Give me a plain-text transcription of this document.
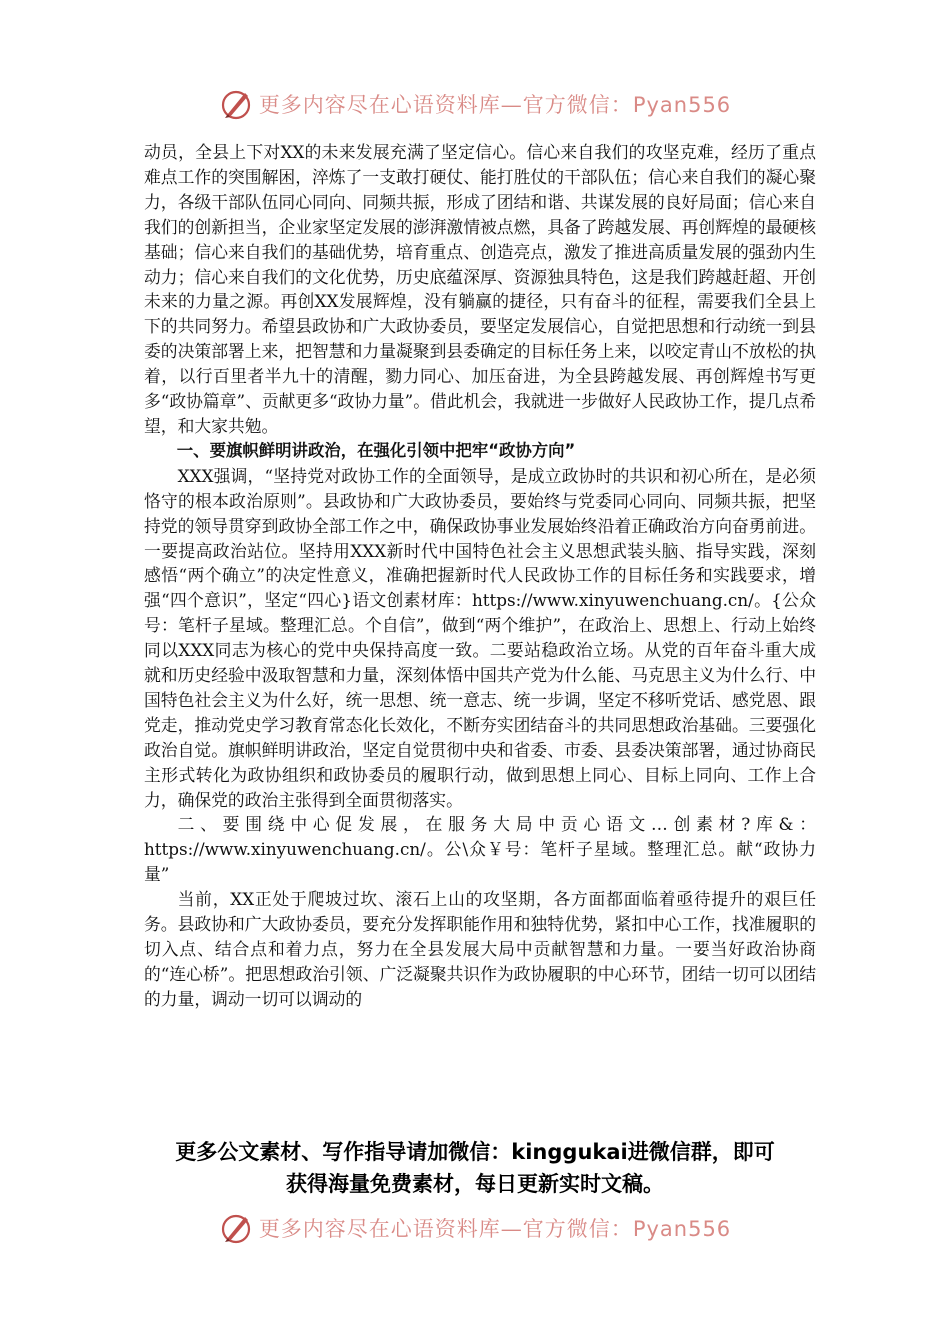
更多内容尽在心语资料库—官方微信：Pyan556

动员，全县上下对XX的未来发展充满了坚定信心。信心来自我们的攻坚克难，经历了重点难点工作的突围解困，淬炼了一支敢打硬仗、能打胜仗的干部队伍；信心来自我们的凝心聚力，各级干部队伍同心同向、同频共振，形成了团结和谐、共谋发展的良好局面；信心来自我们的创新担当，企业家坚定发展的澎湃激情被点燃，具备了跨越发展、再创辉煌的最硬核基础；信心来自我们的基础优势，培育重点、创造亮点，激发了推进高质量发展的强劲内生动力；信心来自我们的文化优势，历史底蕴深厚、资源独具特色，这是我们跨越赶超、开创未来的力量之源。再创XX发展辉煌，没有躺赢的捷径，只有奋斗的征程，需要我们全县上下的共同努力。希望县政协和广大政协委员，要坚定发展信心，自觉把思想和行动统一到县委的决策部署上来，把智慧和力量凝聚到县委确定的目标任务上来，以咬定青山不放松的执着，以行百里者半九十的清醒，勠力同心、加压奋进，为全县跨越发展、再创辉煌书写更多“政协篇章”、贡献更多“政协力量”。借此机会，我就进一步做好人民政协工作，提几点希望，和大家共勉。

一、要旗帜鲜明讲政治，在强化引领中把牢“政协方向”

XXX强调，“坚持党对政协工作的全面领导，是成立政协时的共识和初心所在，是必须恪守的根本政治原则”。县政协和广大政协委员，要始终与党委同心同向、同频共振，把坚持党的领导贯穿到政协全部工作之中，确保政协事业发展始终沿着正确政治方向奋勇前进。一要提高政治站位。坚持用XXX新时代中国特色社会主义思想武装头脑、指导实践，深刻感悟“两个确立”的决定性意义，准确把握新时代人民政协工作的目标任务和实践要求，增强“四个意识”，坚定“四心}语文创素材库：https://www.xinyuwenchuang.cn/。{公众号：笔杆子星域。整理汇总。个自信”，做到“两个维护”，在政治上、思想上、行动上始终同以XXX同志为核心的党中央保持高度一致。二要站稳政治立场。从党的百年奋斗重大成就和历史经验中汲取智慧和力量，深刻体悟中国共产党为什么能、马克思主义为什么行、中国特色社会主义为什么好，统一思想、统一意志、统一步调，坚定不移听党话、感党恩、跟党走，推动党史学习教育常态化长效化，不断夯实团结奋斗的共同思想政治基础。三要强化政治自觉。旗帜鲜明讲政治，坚定自觉贯彻中央和省委、市委、县委决策部署，通过协商民主形式转化为政协组织和政协委员的履职行动，做到思想上同心、目标上同向、工作上合力，确保党的政治主张得到全面贯彻落实。

二、要围绕中心促发展，在服务大局中贡心语文…创素材?库&：https://www.xinyuwenchuang.cn/。公\众￥号：笔杆子星域。整理汇总。献“政协力量”

当前，XX正处于爬坡过坎、滚石上山的攻坚期，各方面都面临着亟待提升的艰巨任务。县政协和广大政协委员，要充分发挥职能作用和独特优势，紧扣中心工作，找准履职的切入点、结合点和着力点，努力在全县发展大局中贡献智慧和力量。一要当好政治协商的“连心桥”。把思想政治引领、广泛凝聚共识作为政协履职的中心环节，团结一切可以团结的力量，调动一切可以调动的

更多公文素材、写作指导请加微信：kinggukai进微信群，即可
获得海量免费素材，每日更新实时文稿。
更多内容尽在心语资料库—官方微信：Pyan556
